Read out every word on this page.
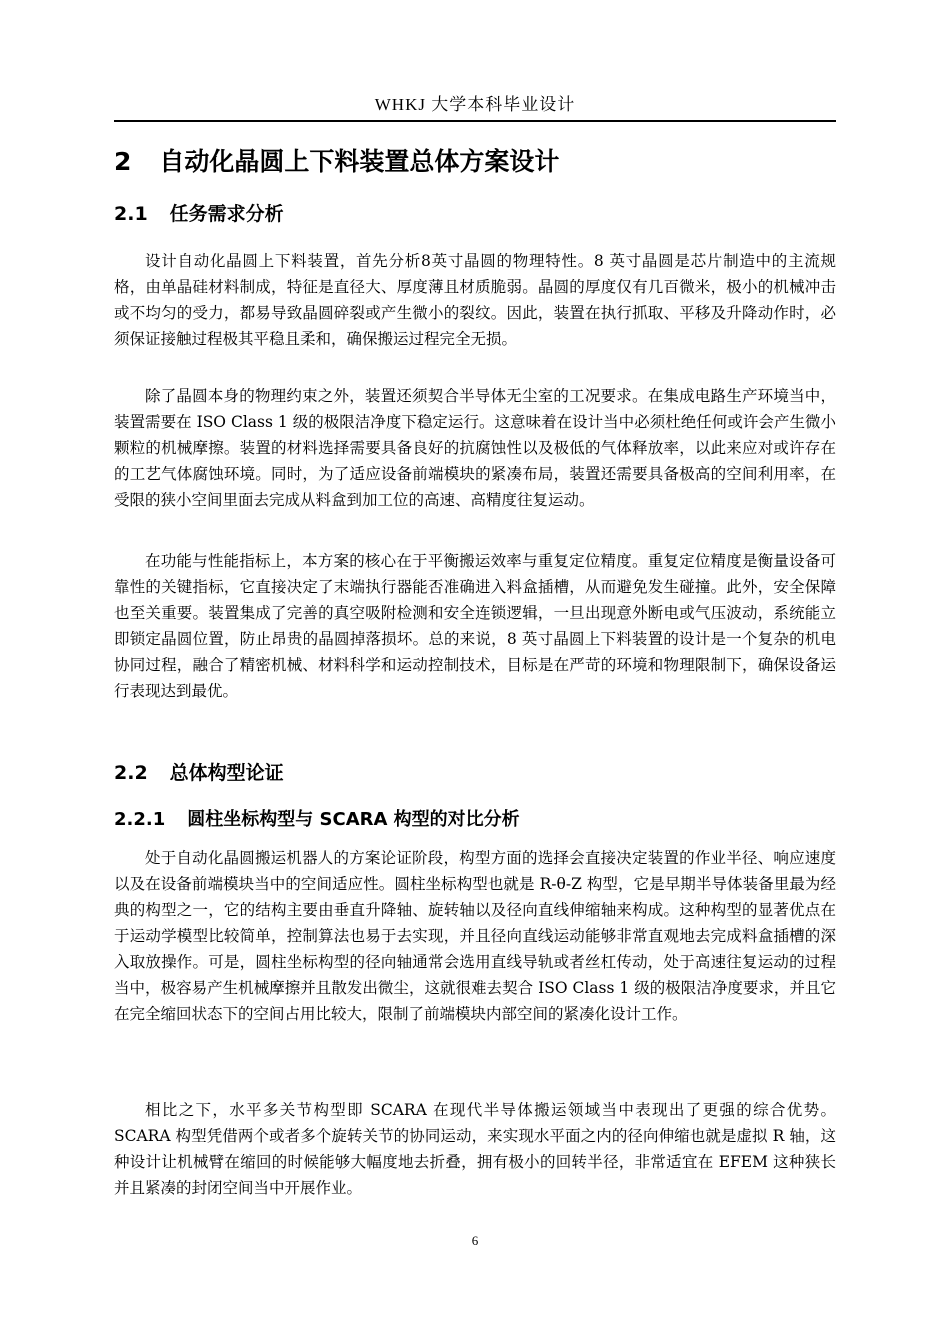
WHKJ 大学本科毕业设计
2 自动化晶圆上下料装置总体方案设计
2.1 任务需求分析

设计自动化晶圆上下料装置，首先分析8英寸晶圆的物理特性。8 英寸晶圆是芯片制造中的主流规格，由单晶硅材料制成，特征是直径大、厚度薄且材质脆弱。晶圆的厚度仅有几百微米，极小的机械冲击或不均匀的受力，都易导致晶圆碎裂或产生微小的裂纹。因此，装置在执行抓取、平移及升降动作时，必须保证接触过程极其平稳且柔和，确保搬运过程完全无损。

除了晶圆本身的物理约束之外，装置还须契合半导体无尘室的工况要求。在集成电路生产环境当中，装置需要在 ISO Class 1 级的极限洁净度下稳定运行。这意味着在设计当中必须杜绝任何或许会产生微小颗粒的机械摩擦。装置的材料选择需要具备良好的抗腐蚀性以及极低的气体释放率，以此来应对或许存在的工艺气体腐蚀环境。同时，为了适应设备前端模块的紧凑布局，装置还需要具备极高的空间利用率，在受限的狭小空间里面去完成从料盒到加工位的高速、高精度往复运动。

在功能与性能指标上，本方案的核心在于平衡搬运效率与重复定位精度。重复定位精度是衡量设备可靠性的关键指标，它直接决定了末端执行器能否准确进入料盒插槽，从而避免发生碰撞。此外，安全保障也至关重要。装置集成了完善的真空吸附检测和安全连锁逻辑，一旦出现意外断电或气压波动，系统能立即锁定晶圆位置，防止昂贵的晶圆掉落损坏。总的来说，8 英寸晶圆上下料装置的设计是一个复杂的机电协同过程，融合了精密机械、材料科学和运动控制技术，目标是在严苛的环境和物理限制下，确保设备运行表现达到最优。

2.2 总体构型论证
2.2.1 圆柱坐标构型与 SCARA 构型的对比分析

处于自动化晶圆搬运机器人的方案论证阶段，构型方面的选择会直接决定装置的作业半径、响应速度以及在设备前端模块当中的空间适应性。圆柱坐标构型也就是 R-θ-Z 构型，它是早期半导体装备里最为经典的构型之一，它的结构主要由垂直升降轴、旋转轴以及径向直线伸缩轴来构成。这种构型的显著优点在于运动学模型比较简单，控制算法也易于去实现，并且径向直线运动能够非常直观地去完成料盒插槽的深入取放操作。可是，圆柱坐标构型的径向轴通常会选用直线导轨或者丝杠传动，处于高速往复运动的过程当中，极容易产生机械摩擦并且散发出微尘，这就很难去契合 ISO Class 1 级的极限洁净度要求，并且它在完全缩回状态下的空间占用比较大，限制了前端模块内部空间的紧凑化设计工作。

相比之下，水平多关节构型即 SCARA 在现代半导体搬运领域当中表现出了更强的综合优势。SCARA 构型凭借两个或者多个旋转关节的协同运动，来实现水平面之内的径向伸缩也就是虚拟 R 轴，这种设计让机械臂在缩回的时候能够大幅度地去折叠，拥有极小的回转半径，非常适宜在 EFEM 这种狭长并且紧凑的封闭空间当中开展作业。

6
